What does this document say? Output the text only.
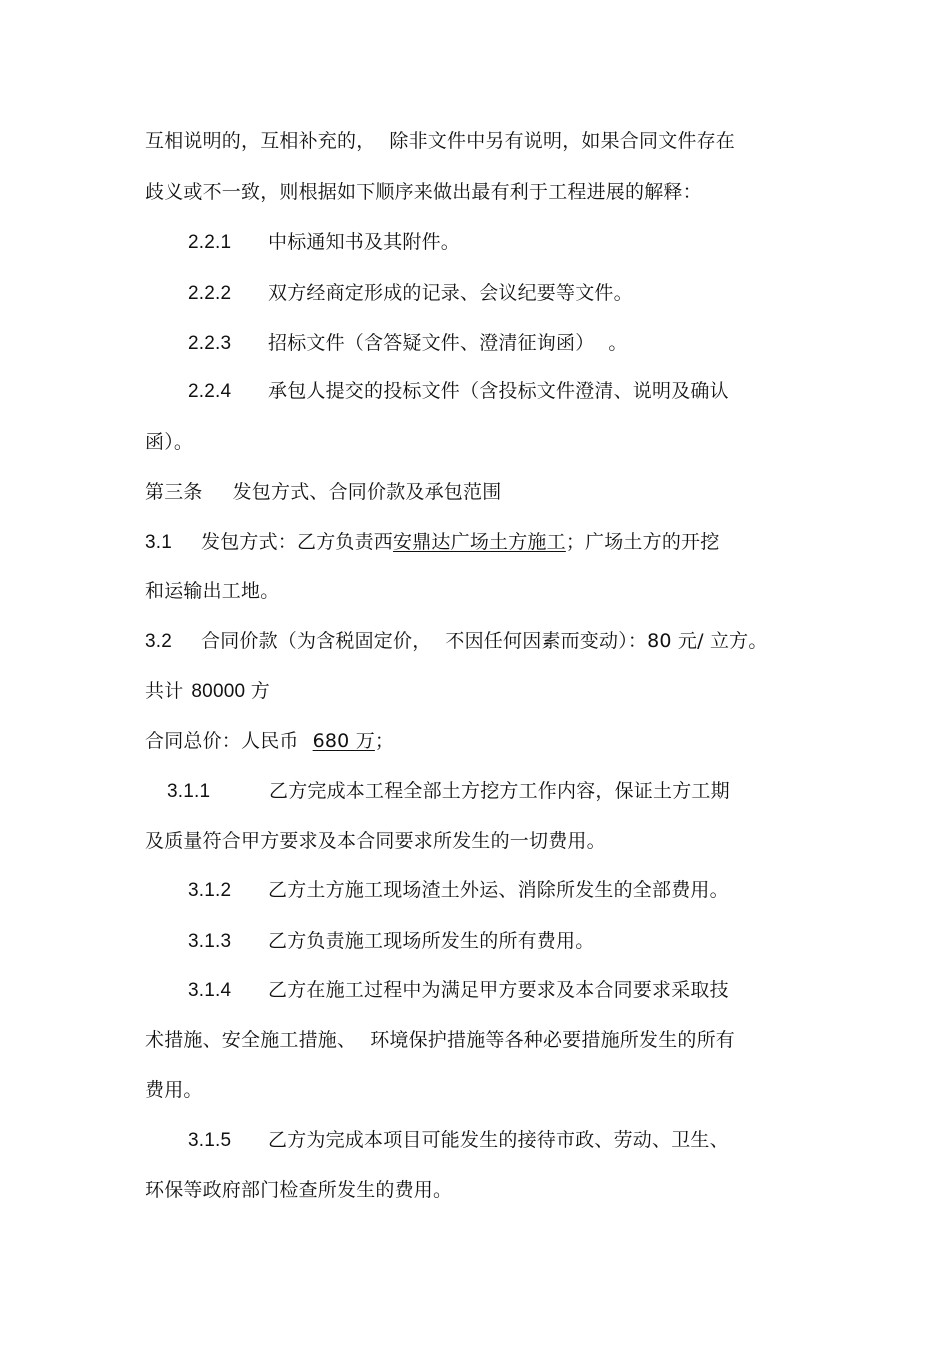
互相说明的，互相补充的， 除非文件中另有说明，如果合同文件存在
歧义或不一致，则根据如下顺序来做出最有利于工程进展的解释：
2.2.1 中标通知书及其附件。
2.2.2 双方经商定形成的记录、会议纪要等文件。
2.2.3 招标文件（含答疑文件、澄清征询函） 。
2.2.4 承包人提交的投标文件（含投标文件澄清、说明及确认
函）。
第三条 发包方式、合同价款及承包范围
3.1 发包方式：乙方负责西安鼎达广场土方施工；广场土方的开挖
和运输出工地。
3.2 合同价款（为含税固定价， 不因任何因素而变动）：80 元/ 立方。
共计 80000 方
合同总价：人民币 680 万；
3.1.1	乙方完成本工程全部土方挖方工作内容，保证土方工期
及质量符合甲方要求及本合同要求所发生的一切费用。
3.1.2 乙方土方施工现场渣土外运、消除所发生的全部费用。
3.1.3 乙方负责施工现场所发生的所有费用。
3.1.4 乙方在施工过程中为满足甲方要求及本合同要求采取技
术措施、安全施工措施、 环境保护措施等各种必要措施所发生的所有
费用。
3.1.5 乙方为完成本项目可能发生的接待市政、劳动、卫生、
环保等政府部门检查所发生的费用。
